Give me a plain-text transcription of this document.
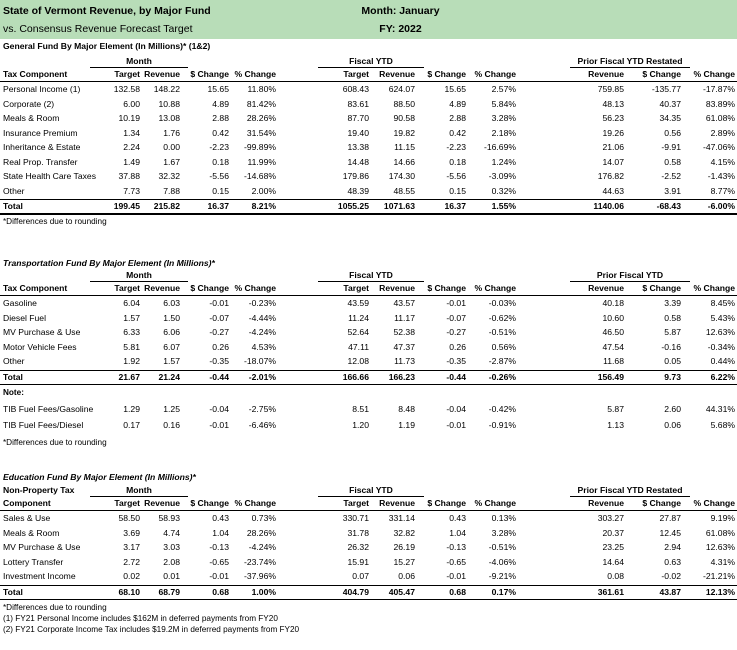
State of Vermont Revenue, by Major Fund
vs. Consensus Revenue Forecast Target
Month: January
FY: 2022
General Fund By Major Element (In Millions)* (1&2)
Month	Fiscal YTD	Prior Fiscal YTD Restated
Tax Component	Target Revenue $ Change % Change	Target Revenue $ Change % Change	Revenue $ Change % Change
Personal Income (1)	132.58 148.22	15.65 11.80%	608.43 624.07	15.65	2.57%	759.85	-135.77	-17.87%
Corporate (2)	6.00 10.88	4.89 81.42%	83.61	88.50	4.89	5.84%	48.13	40.37	83.89%
Meals & Room	10.19 13.08	2.88 28.26%	87.70	90.58	2.88	3.28%	56.23	34.35	61.08%
Insurance Premium	1.34	1.76	0.42 31.54%	19.40	19.82	0.42	2.18%	19.26	0.56	2.89%
Inheritance & Estate	2.24	0.00	-2.23 -99.89%	13.38	11.15	-2.23 -16.69%	21.06	-9.91	-47.06%
Real Prop. Transfer	1.49	1.67	0.18 11.99%	14.48	14.66	0.18	1.24%	14.07	0.58	4.15%
State Health Care Taxes	37.88 32.32	-5.56 -14.68%	179.86 174.30	-5.56	-3.09%	176.82	-2.52	-1.43%
Other	7.73	7.88	0.15	2.00%	48.39	48.55	0.15	0.32%	44.63	3.91	8.77%
Total	199.45 215.82	16.37	8.21%	1055.25 1071.63	16.37	1.55%	1140.06	-68.43	-6.00%
*Differences due to rounding
Transportation Fund By Major Element (In Millions)*
Month	Fiscal YTD	Prior Fiscal YTD
Tax Component	Target Revenue $ Change % Change	Target Revenue $ Change % Change	Revenue $ Change % Change
Gasoline	6.04	6.03	-0.01 -0.23%	43.59	43.57	-0.01	-0.03%	40.18	3.39	8.45%
Diesel Fuel	1.57	1.50	-0.07 -4.44%	11.24	11.17	-0.07	-0.62%	10.60	0.58	5.43%
MV Purchase & Use	6.33	6.06	-0.27 -4.24%	52.64	52.38	-0.27	-0.51%	46.50	5.87	12.63%
Motor Vehicle Fees	5.81	6.07	0.26	4.53%	47.11	47.37	0.26	0.56%	47.54	-0.16	-0.34%
Other	1.92	1.57	-0.35 -18.07%	12.08	11.73	-0.35	-2.87%	11.68	0.05	0.44%
Total	21.67 21.24	-0.44 -2.01%	166.66 166.23	-0.44	-0.26%	156.49	9.73	6.22%
Note:
TIB Fuel Fees/Gasoline	1.29	1.25	-0.04 -2.75%	8.51	8.48	-0.04	-0.42%	5.87	2.60	44.31%
TIB Fuel Fees/Diesel	0.17	0.16	-0.01 -6.46%	1.20	1.19	-0.01	-0.91%	1.13	0.06	5.68%
*Differences due to rounding
Education Fund By Major Element (In Millions)*
Month	Fiscal YTD	Prior Fiscal YTD Restated
Non-Property Tax
Component	Target Revenue $ Change % Change	Target Revenue $ Change % Change	Revenue $ Change % Change
Sales & Use	58.50 58.93	0.43	0.73%	330.71 331.14	0.43	0.13%	303.27	27.87	9.19%
Meals & Room	3.69	4.74	1.04 28.26%	31.78	32.82	1.04	3.28%	20.37	12.45	61.08%
MV Purchase & Use	3.17	3.03	-0.13 -4.24%	26.32	26.19	-0.13	-0.51%	23.25	2.94	12.63%
Lottery Transfer	2.72	2.08	-0.65 -23.74%	15.91	15.27	-0.65	-4.06%	14.64	0.63	4.31%
Investment Income	0.02	0.01	-0.01 -37.96%	0.07	0.06	-0.01	-9.21%	0.08	-0.02	-21.21%
Total	68.10 68.79	0.68	1.00%	404.79 405.47	0.68	0.17%	361.61	43.87	12.13%
*Differences due to rounding
(1) FY21 Personal Income includes $162M in deferred payments from FY20
(2) FY21 Corporate Income Tax includes $19.2M in deferred payments from FY20
